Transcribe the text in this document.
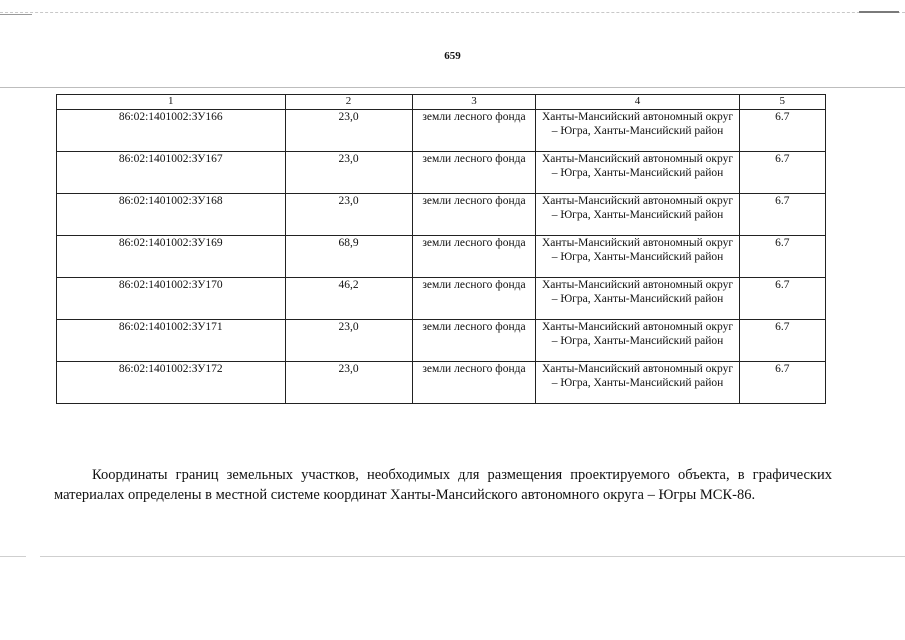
659
1	2	3	4	5
86:02:1401002:ЗУ166	23,0	земли лесного фонда	Ханты-Мансийский автономный округ – Югра, Ханты-Мансийский район	6.7
86:02:1401002:ЗУ167	23,0	земли лесного фонда	Ханты-Мансийский автономный округ – Югра, Ханты-Мансийский район	6.7
86:02:1401002:ЗУ168	23,0	земли лесного фонда	Ханты-Мансийский автономный округ – Югра, Ханты-Мансийский район	6.7
86:02:1401002:ЗУ169	68,9	земли лесного фонда	Ханты-Мансийский автономный округ – Югра, Ханты-Мансийский район	6.7
86:02:1401002:ЗУ170	46,2	земли лесного фонда	Ханты-Мансийский автономный округ – Югра, Ханты-Мансийский район	6.7
86:02:1401002:ЗУ171	23,0	земли лесного фонда	Ханты-Мансийский автономный округ – Югра, Ханты-Мансийский район	6.7
86:02:1401002:ЗУ172	23,0	земли лесного фонда	Ханты-Мансийский автономный округ – Югра, Ханты-Мансийский район	6.7

Координаты границ земельных участков, необходимых для размещения проектируемого объекта, в графических материалах определены в местной системе координат Ханты-Мансийского автономного округа – Югры МСК-86.
